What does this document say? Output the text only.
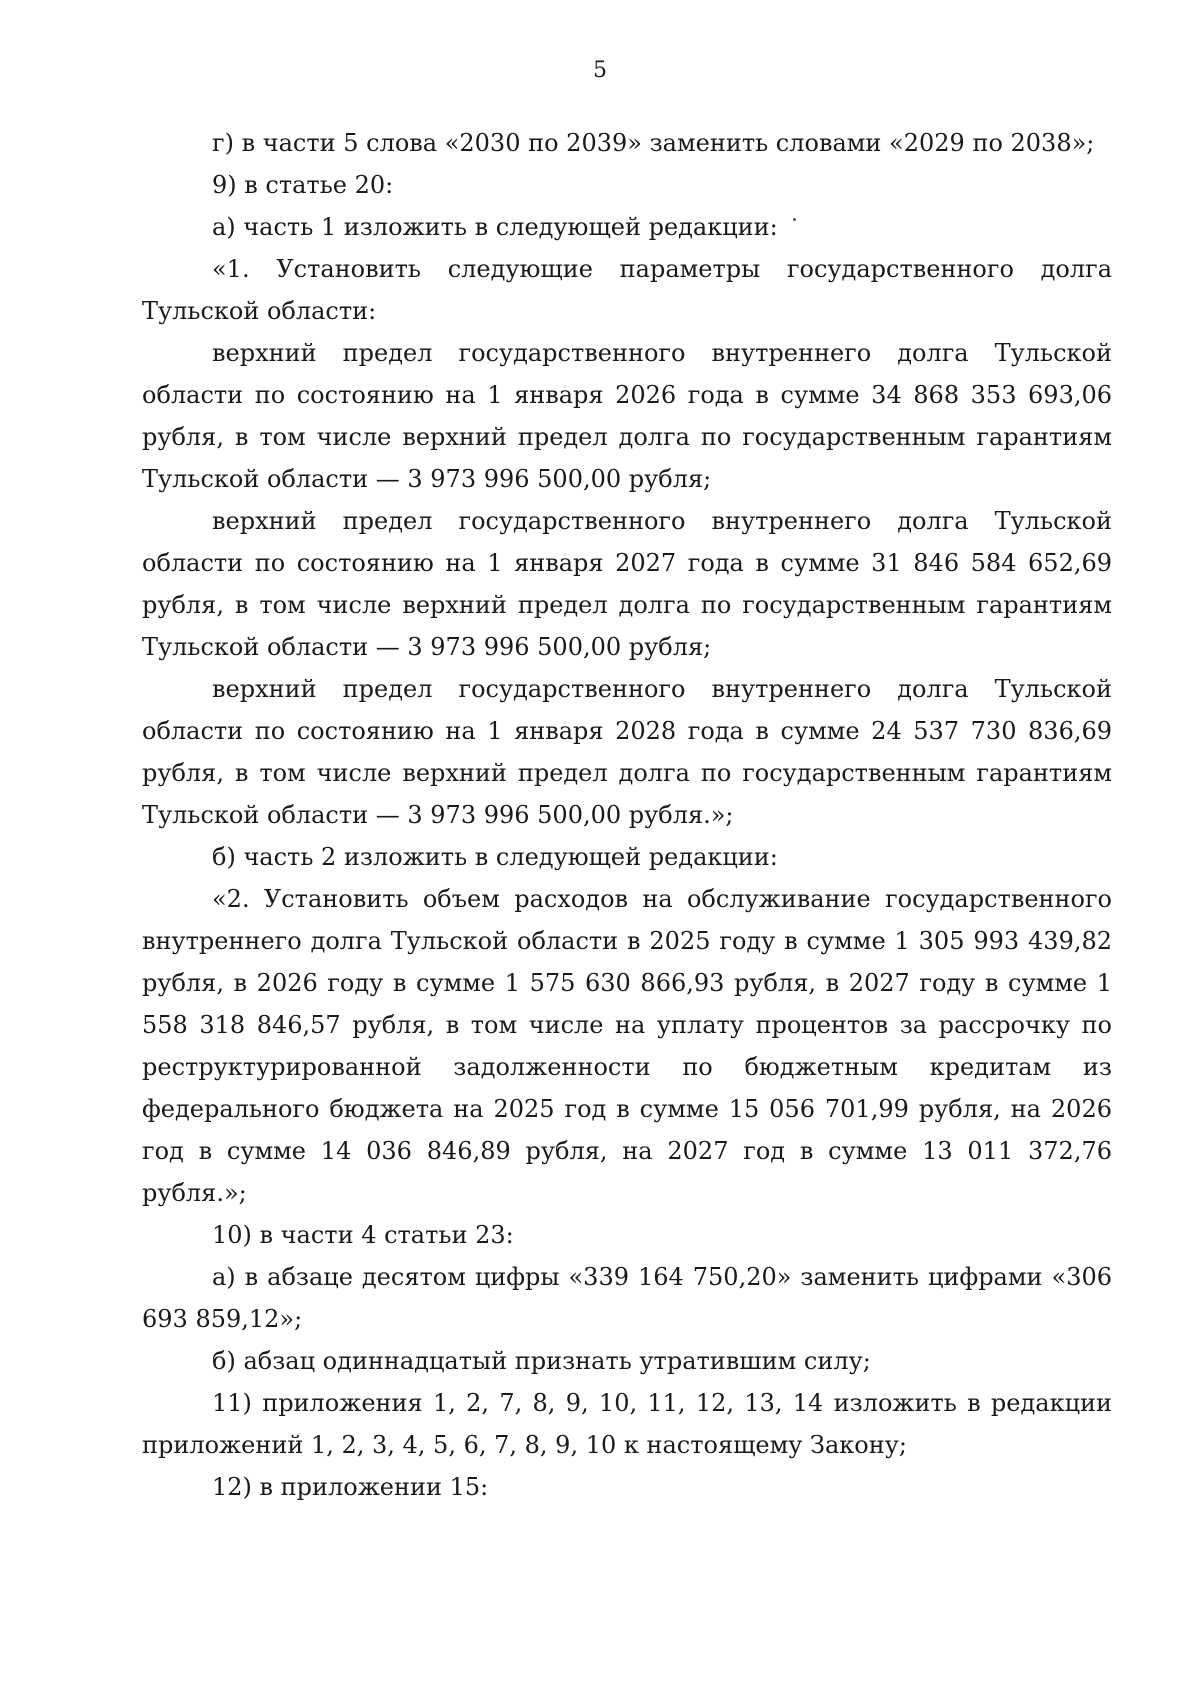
5

г) в части 5 слова «2030 по 2039» заменить словами «2029 по 2038»;

9) в статье 20:

а) часть 1 изложить в следующей редакции:

«1. Установить следующие параметры государственного долга Тульской области:

верхний предел государственного внутреннего долга Тульской области по состоянию на 1 января 2026 года в сумме 34 868 353 693,06 рубля, в том числе верхний предел долга по государственным гарантиям Тульской области — 3 973 996 500,00 рубля;

верхний предел государственного внутреннего долга Тульской области по состоянию на 1 января 2027 года в сумме 31 846 584 652,69 рубля, в том числе верхний предел долга по государственным гарантиям Тульской области — 3 973 996 500,00 рубля;

верхний предел государственного внутреннего долга Тульской области по состоянию на 1 января 2028 года в сумме 24 537 730 836,69 рубля, в том числе верхний предел долга по государственным гарантиям Тульской области — 3 973 996 500,00 рубля.»;

б) часть 2 изложить в следующей редакции:

«2. Установить объем расходов на обслуживание государственного внутреннего долга Тульской области в 2025 году в сумме 1 305 993 439,82 рубля, в 2026 году в сумме 1 575 630 866,93 рубля, в 2027 году в сумме 1 558 318 846,57 рубля, в том числе на уплату процентов за рассрочку по реструктурированной задолженности по бюджетным кредитам из федерального бюджета на 2025 год в сумме 15 056 701,99 рубля, на 2026 год в сумме 14 036 846,89 рубля, на 2027 год в сумме 13 011 372,76 рубля.»;

10) в части 4 статьи 23:

а) в абзаце десятом цифры «339 164 750,20» заменить цифрами «306 693 859,12»;

б) абзац одиннадцатый признать утратившим силу;

11) приложения 1, 2, 7, 8, 9, 10, 11, 12, 13, 14 изложить в редакции приложений 1, 2, 3, 4, 5, 6, 7, 8, 9, 10 к настоящему Закону;

12) в приложении 15:
